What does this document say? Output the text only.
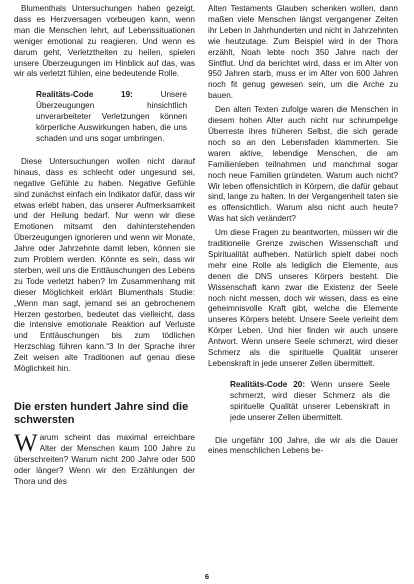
Blumenthals Untersuchungen haben gezeigt, dass es Herzversagen vorbeugen kann, wenn man die Menschen lehrt, auf Lebenssituationen weniger emotional zu reagieren. Und wenn es darum geht, Verletztheiten zu heilen, spielen unsere Überzeugungen im Hinblick auf das, was wir als verletzt fühlen, eine bedeutende Rolle.

Realitäts-Code 19:	Unsere Überzeugungen hinsichtlich unverarbeiteter Verletzungen können körperliche Auswirkungen haben, die uns schaden und uns sogar umbringen.

Diese Untersuchungen wollen nicht darauf hinaus, dass es schlecht oder ungesund sei, negative Gefühle zu haben. Negative Gefühle sind zunächst einfach ein Indikator dafür, dass wir etwas erlebt haben, das unserer Aufmerksamkeit und der Heilung bedarf. Nur wenn wir diese Emotionen mitsamt den dahinterstehenden Überzeugungen ignorieren und wenn wir Monate, Jahre oder Jahrzehnte damit leben, können sie zum Problem werden. Könnte es sein, dass wir sterben, weil uns die Enttäuschungen des Lebens zu Tode verletzt haben? Im Zusammenhang mit dieser Möglichkeit erklärt Blumenthals Studie: „Wenn man sagt, jemand sei an gebrochenem Herzen gestorben, bedeutet das vielleicht, dass die intensive emotionale Reaktion auf Verluste und Enttäuschungen bis zum tödlichen Herzschlag führen kann.“3 In der Sprache ihrer Zeit weisen alte Traditionen auf genau diese Möglichkeit hin.

Die ersten hundert Jahre sind die schwersten

Warum scheint das maximal erreichbare Alter der Menschen kaum 100 Jahre zu überschreiten? Warum nicht 200 Jahre oder 500 oder länger? Wenn wir den Erzählungen der Thora und des

Alten Testaments Glauben schenken wollen, dann maßen viele Menschen längst vergangener Zeiten ihr Leben in Jahrhunderten und nicht in Jahrzehnten wie heutzutage. Zum Beispiel wird in der Thora erzählt, Noah lebte noch 350 Jahre nach der Sintflut. Und da berichtet wird, dass er im Alter von 950 Jahren starb, muss er im Alter von 600 Jahren noch fit genug gewesen sein, um die Arche zu bauen.

Den alten Texten zufolge waren die Menschen in diesem hohen Alter auch nicht nur schrumpelige Überreste ihres früheren Selbst, die sich gerade noch so an den Lebensfaden klammerten. Sie waren aktive, lebendige Menschen, die am Familienleben teilnahmen und manchmal sogar noch neue Familien gründeten. Warum auch nicht? Wir leben offensichtlich in Körpern, die dafür gebaut sind, lange zu halten. In der Vergangenheit taten sie es offensichtlich. Warum also nicht auch heute? Was hat sich verändert?

Um diese Fragen zu beantworten, müssen wir die traditionelle Grenze zwischen Wissenschaft und Spiritualität aufheben. Natürlich spielt dabei noch mehr eine Rolle als lediglich die Elemente, aus denen die DNS unseres Körpers besteht. Die Wissenschaft kann zwar die Existenz der Seele noch nicht messen, doch wir wissen, dass es eine geheimnisvolle Kraft gibt, welche die Elemente unseres Körpers belebt. Unsere Seele verleiht dem Körper Leben. Und hier finden wir auch unsere Antwort. Wenn unsere Seele schmerzt, wird dieser Schmerz als die spirituelle Qualität unserer Lebenskraft in jede unserer Zellen übermittelt.

Realitäts-Code 20: Wenn unsere Seele schmerzt, wird dieser Schmerz als die spirituelle Qualität unserer Lebenskraft in jede unserer Zellen übermittelt.

Die ungefähr 100 Jahre, die wir als die Dauer eines menschlichen Lebens be-

6
